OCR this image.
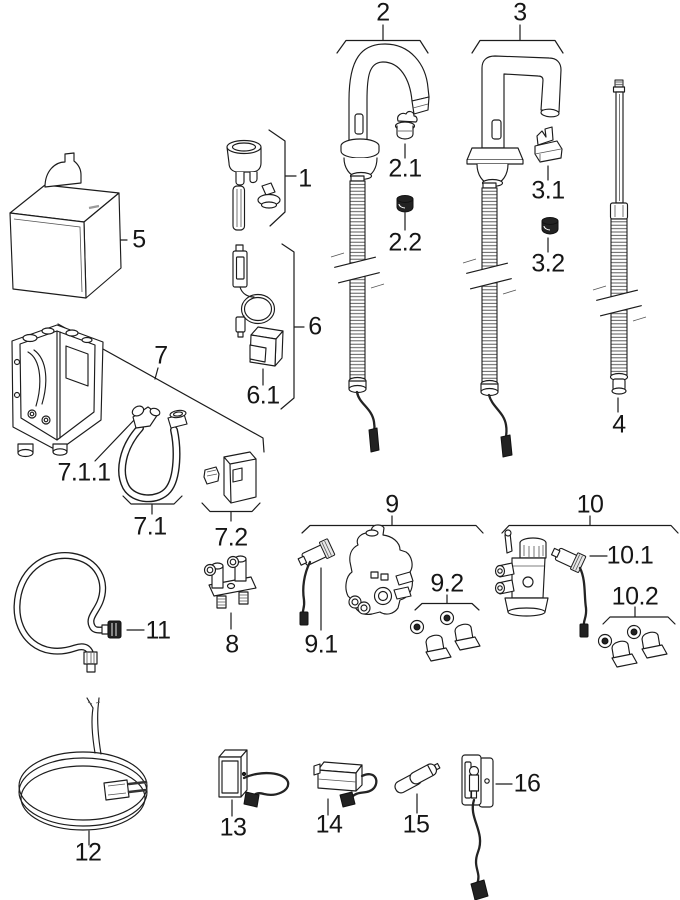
1
2
2.1
2.2
3
3.1
3.2
4
5
6
6.1
7
7.1
7.1.1
7.2
8
9
9.1
9.2
10
10.1
10.2
11
12
13	14 15
16
